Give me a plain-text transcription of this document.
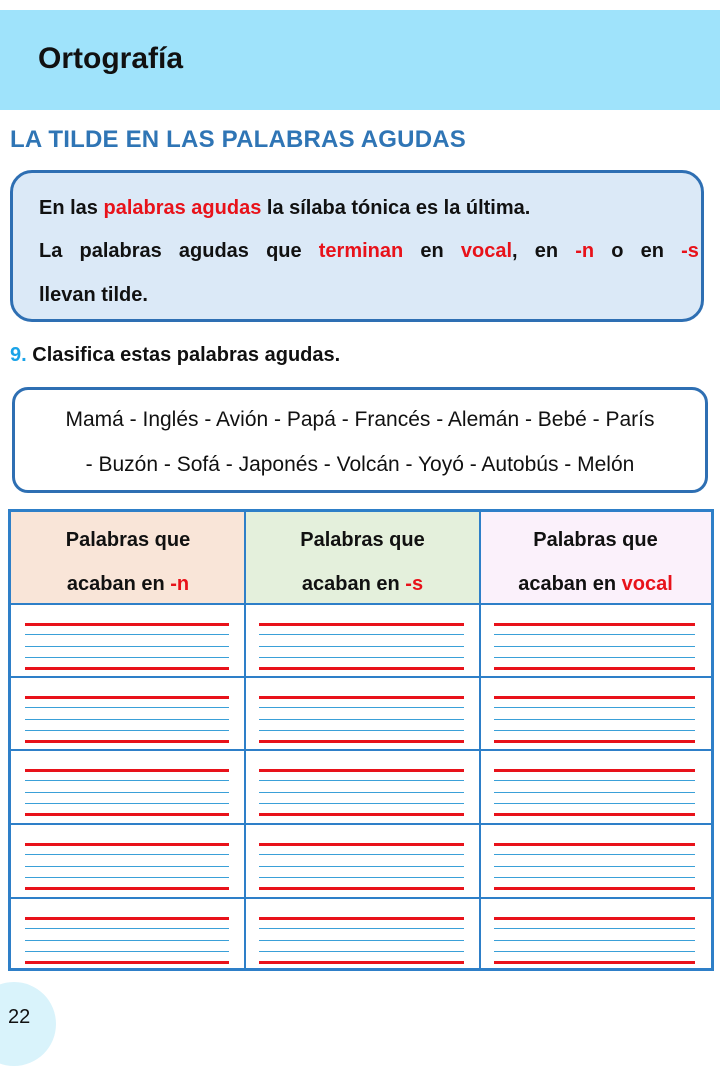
Ortografía
LA TILDE EN LAS PALABRAS AGUDAS
En las palabras agudas la sílaba tónica es la última.
La palabras agudas que terminan en vocal, en -n o en -s
llevan tilde.
9. Clasifica estas palabras agudas.
Mamá - Inglés - Avión - Papá - Francés - Alemán - Bebé - París
- Buzón - Sofá - Japonés - Volcán - Yoyó - Autobús - Melón
Palabras que
acaban en -n
Palabras que
acaban en -s
Palabras que
acaban en vocal
22
